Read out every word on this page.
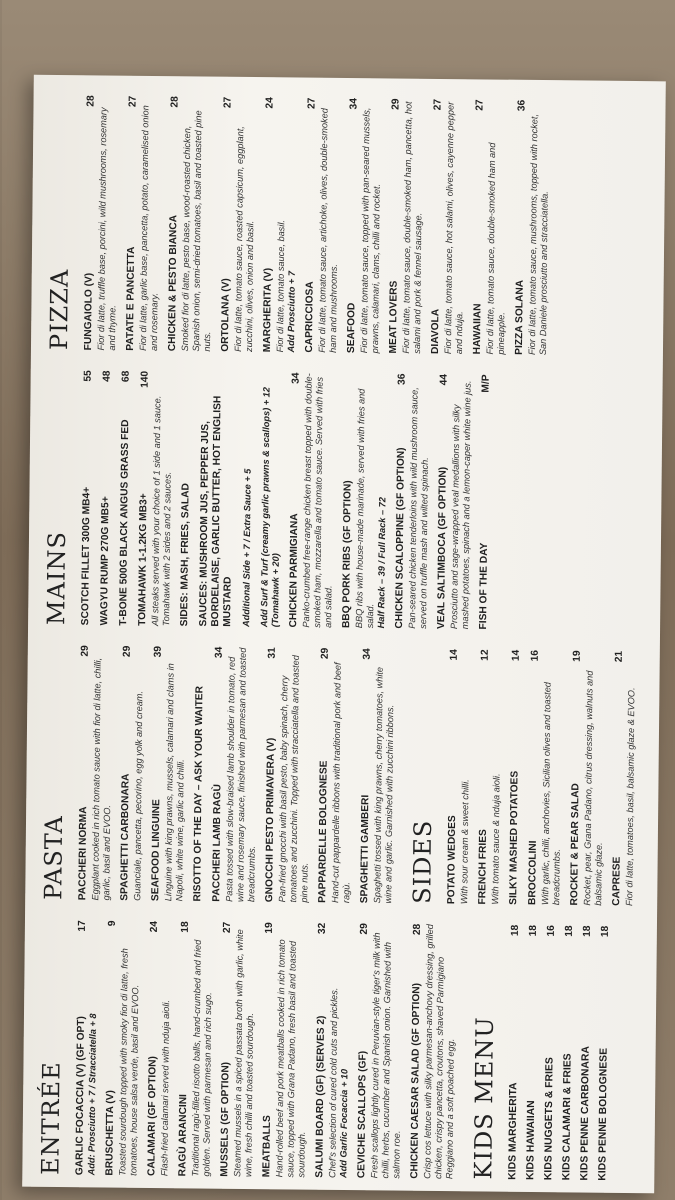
ENTRÉE GARLIC FOCACCIA (V) (GF OPT)
17
Add: Prosciutto + 7 / Stracciatella + 8 BRUSCHETTA (V)
9
Toasted sourdough topped with smoky fior di latte, fresh tomatoes, house salsa verde, basil and EVOO. CALAMARI (GF OPTION)
24
Flash-fried calamari served with nduja aioli. RAGÙ ARANCINI
18
Traditional ragù-filled risotto balls, hand-crumbed and fried golden. Served with parmesan and rich sugo. MUSSELS (GF OPTION)
27
Steamed mussels in a spiced passata broth with garlic, white wine, fresh chilli and toasted sourdough. MEATBALLS
19
Hand-rolled beef and pork meatballs cooked in rich tomato sauce, topped with Grana Padano, fresh basil and toasted sourdough. SALUMI BOARD (GF) (SERVES 2)
32
Chef's selection of cured cold cuts and pickles. Add Garlic Focaccia + 10 CEVICHE SCALLOPS (GF)
29
Fresh scallops lightly cured in Peruvian-style tiger's milk with chilli, herbs, cucumber and Spanish onion. Garnished with salmon roe. CHICKEN CAESAR SALAD (GF OPTION)
28 Crisp cos lettuce with silky parmesan-anchovy dressing, grilled chicken, crispy pancetta, croutons, shaved Parmigiano Reggiano and a soft poached egg. KIDS MENU KIDS MARGHERITA
18
KIDS HAWAIIAN
18
KIDS NUGGETS & FRIES
16
KIDS CALAMARI & FRIES
18
KIDS PENNE CARBONARA
18
KIDS PENNE BOLOGNESE
18
PASTA PACCHERI NORMA
29
Eggplant cooked in rich tomato sauce with fior di latte, chilli, garlic, basil and EVOO. SPAGHETTI CARBONARA
29
Guanciale, pancetta, pecorino, egg yolk and cream. SEAFOOD LINGUINE
39
Linguine with king prawns, mussels, calamari and clams in Napoli, white wine, garlic and chilli. RISOTTO OF THE DAY – ASK YOUR WAITER PACCHERI LAMB RAGÙ
34
Pasta tossed with slow-braised lamb shoulder in tomato, red wine and rosemary sauce, finished with parmesan and toasted breadcrumbs. GNOCCHI PESTO PRIMAVERA (V)
31
Pan-fried gnocchi with basil pesto, baby spinach, cherry tomatoes and zucchini. Topped with stracciatella and toasted pine nuts. PAPPARDELLE BOLOGNESE
29
Hand-cut pappardelle ribbons with traditional pork and beef ragù. SPAGHETTI GAMBERI
34
Spaghetti tossed with king prawns, cherry tomatoes, white wine and garlic. Garnished with zucchini ribbons. SIDES POTATO WEDGES
14
With sour cream & sweet chilli. FRENCH FRIES
12
With tomato sauce & nduja aioli. SILKY MASHED POTATOES
14
BROCCOLINI
16
With garlic, chilli, anchovies, Sicilian olives and toasted breadcrumbs. ROCKET & PEAR SALAD
19
Rocket, pear, Grana Padano, citrus dressing, walnuts and balsamic glaze. CAPRESE
21
Fior di latte, tomatoes, basil, balsamic glaze & EVOO.
MAINS SCOTCH FILLET 300G MB4+
55
WAGYU RUMP 270G MB5+
48
T-BONE 500G BLACK ANGUS GRASS FED
68
TOMAHAWK 1-1.2KG MB3+
140
All steaks served with your choice of 1 side and 1 sauce. Tomahawk with 2 sides and 2 sauces. SIDES: MASH, FRIES, SALAD SAUCES: MUSHROOM JUS, PEPPER JUS, BORDELAISE, GARLIC BUTTER, HOT ENGLISH MUSTARD Additional Side + 7 / Extra Sauce + 5 Add Surf & Turf (creamy garlic prawns & scallops) + 12 (Tomahawk + 20) CHICKEN PARMIGIANA
34 Panko-crumbed free-range chicken breast topped with double-smoked ham, mozzarella and tomato sauce. Served with fries and salad. BBQ PORK RIBS (GF OPTION) BBQ ribs with house-made marinade, served with fries and salad. Half Rack – 39 / Full Rack – 72 CHICKEN SCALOPPINE (GF OPTION)
36
Pan-seared chicken tenderloins with wild mushroom sauce, served on truffle mash and wilted spinach. VEAL SALTIMBOCA (GF OPTION)
44
Prosciutto and sage-wrapped veal medallions with silky mashed potatoes, spinach and a lemon-caper white wine jus. FISH OF THE DAY
M/P
PIZZA FUNGAIOLO (V)
28
Fior di latte, truffle base, porcini, wild mushrooms, rosemary and thyme. PATATE E PANCETTA
27
Fior di latte, garlic base, pancetta, potato, caramelised onion and rosemary. CHICKEN & PESTO BIANCA
28
Smoked fior di latte, pesto base, wood-roasted chicken, Spanish onion, semi-dried tomatoes, basil and toasted pine nuts. ORTOLANA (V)
27
Fior di latte, tomato sauce, roasted capsicum, eggplant, zucchini, olives, onion and basil. MARGHERITA (V)
24
Fior di latte, tomato sauce, basil. Add Prosciutto + 7 CAPRICCIOSA
27
Fior di latte, tomato sauce, artichoke, olives, double-smoked ham and mushrooms. SEAFOOD
34
Fior di latte, tomato sauce, topped with pan-seared mussels, prawns, calamari, clams, chilli and rocket. MEAT LOVERS
29 Fior di latte, tomato sauce, double-smoked ham, pancetta, hot salami and pork & fennel sausage. DIAVOLA
27 Fior di latte, tomato sauce, hot salami, olives, cayenne pepper and nduja. HAWAIIAN
27
Fior di latte, tomato sauce, double-smoked ham and pineapple. PIZZA SOLANA
36
Fior di latte, tomato sauce, mushrooms, topped with rocket, San Daniele prosciutto and stracciatella.
